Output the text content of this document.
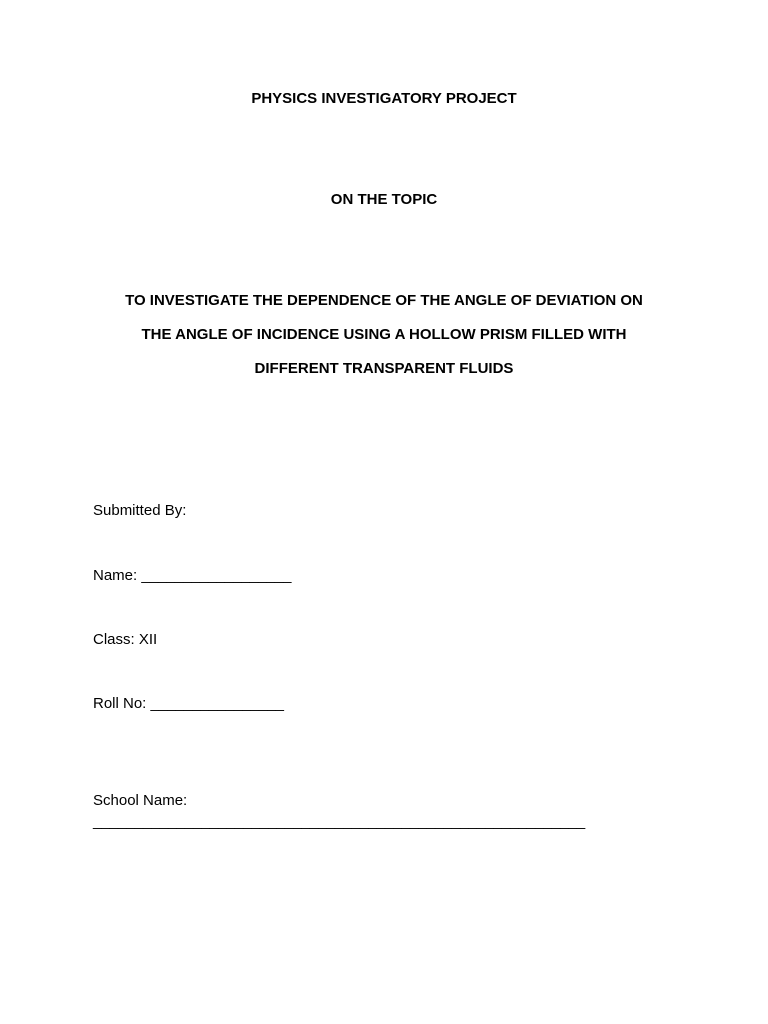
PHYSICS INVESTIGATORY PROJECT
ON THE TOPIC
TO INVESTIGATE THE DEPENDENCE OF THE ANGLE OF DEVIATION ON
THE ANGLE OF INCIDENCE USING A HOLLOW PRISM FILLED WITH
DIFFERENT TRANSPARENT FLUIDS
Submitted By:
Name: __________________
Class: XII
Roll No: ________________
School Name:
___________________________________________________________
